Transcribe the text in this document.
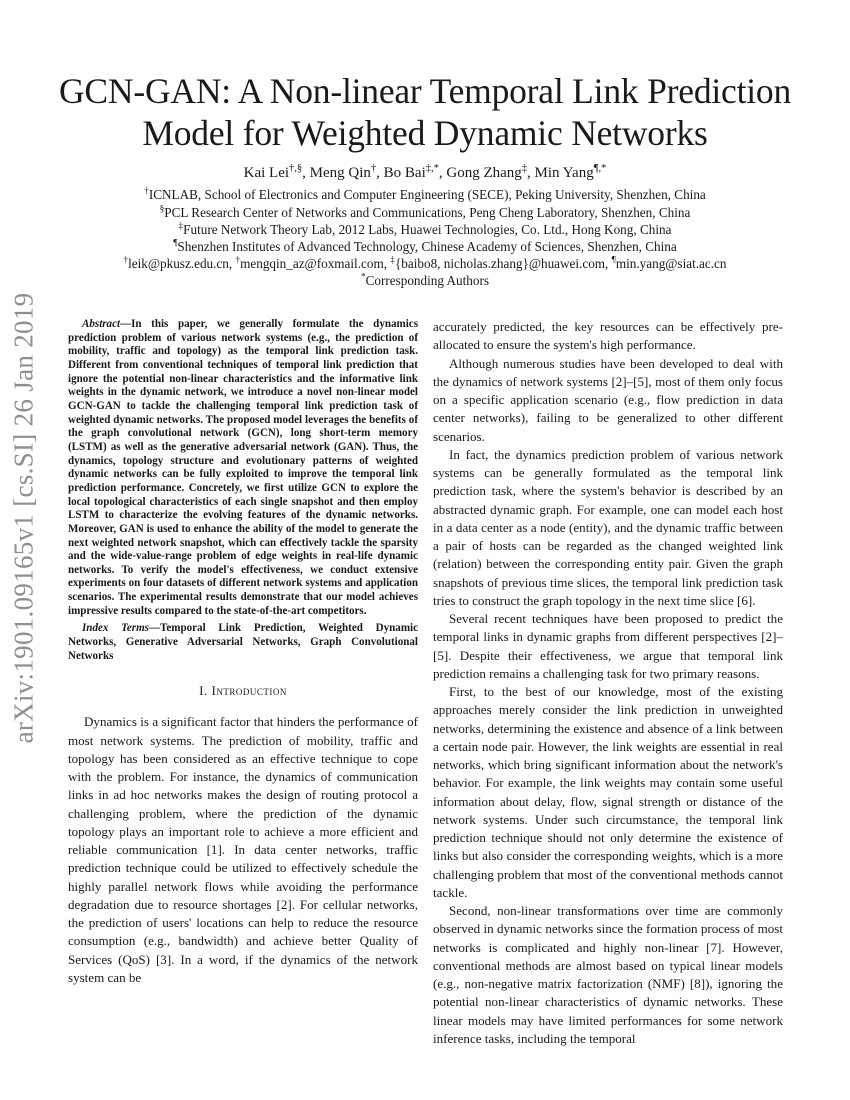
arXiv:1901.09165v1 [cs.SI] 26 Jan 2019
GCN-GAN: A Non-linear Temporal Link Prediction
Model for Weighted Dynamic Networks
Kai Lei†,§, Meng Qin†, Bo Bai‡,*, Gong Zhang‡, Min Yang¶,*
†ICNLAB, School of Electronics and Computer Engineering (SECE), Peking University, Shenzhen, China
§PCL Research Center of Networks and Communications, Peng Cheng Laboratory, Shenzhen, China
‡Future Network Theory Lab, 2012 Labs, Huawei Technologies, Co. Ltd., Hong Kong, China
¶Shenzhen Institutes of Advanced Technology, Chinese Academy of Sciences, Shenzhen, China
†leik@pkusz.edu.cn, †mengqin_az@foxmail.com, ‡{baibo8, nicholas.zhang}@huawei.com, ¶min.yang@siat.ac.cn
*Corresponding Authors

Abstract—In this paper, we generally formulate the dynamics prediction problem of various network systems (e.g., the prediction of mobility, traffic and topology) as the temporal link prediction task. Different from conventional techniques of temporal link prediction that ignore the potential non-linear characteristics and the informative link weights in the dynamic network, we introduce a novel non-linear model GCN-GAN to tackle the challenging temporal link prediction task of weighted dynamic networks. The proposed model leverages the benefits of the graph convolutional network (GCN), long short-term memory (LSTM) as well as the generative adversarial network (GAN). Thus, the dynamics, topology structure and evolutionary patterns of weighted dynamic networks can be fully exploited to improve the temporal link prediction performance. Concretely, we first utilize GCN to explore the local topological characteristics of each single snapshot and then employ LSTM to characterize the evolving features of the dynamic networks. Moreover, GAN is used to enhance the ability of the model to generate the next weighted network snapshot, which can effectively tackle the sparsity and the wide-value-range problem of edge weights in real-life dynamic networks. To verify the model's effectiveness, we conduct extensive experiments on four datasets of different network systems and application scenarios. The experimental results demonstrate that our model achieves impressive results compared to the state-of-the-art competitors.

Index Terms—Temporal Link Prediction, Weighted Dynamic Networks, Generative Adversarial Networks, Graph Convolutional Networks

I. Introduction

Dynamics is a significant factor that hinders the performance of most network systems. The prediction of mobility, traffic and topology has been considered as an effective technique to cope with the problem. For instance, the dynamics of communication links in ad hoc networks makes the design of routing protocol a challenging problem, where the prediction of the dynamic topology plays an important role to achieve a more efficient and reliable communication [1]. In data center networks, traffic prediction technique could be utilized to effectively schedule the highly parallel network flows while avoiding the performance degradation due to resource shortages [2]. For cellular networks, the prediction of users' locations can help to reduce the resource consumption (e.g., bandwidth) and achieve better Quality of Services (QoS) [3]. In a word, if the dynamics of the network system can be

accurately predicted, the key resources can be effectively pre-allocated to ensure the system's high performance.

Although numerous studies have been developed to deal with the dynamics of network systems [2]–[5], most of them only focus on a specific application scenario (e.g., flow prediction in data center networks), failing to be generalized to other different scenarios.

In fact, the dynamics prediction problem of various network systems can be generally formulated as the temporal link prediction task, where the system's behavior is described by an abstracted dynamic graph. For example, one can model each host in a data center as a node (entity), and the dynamic traffic between a pair of hosts can be regarded as the changed weighted link (relation) between the corresponding entity pair. Given the graph snapshots of previous time slices, the temporal link prediction task tries to construct the graph topology in the next time slice [6].

Several recent techniques have been proposed to predict the temporal links in dynamic graphs from different perspectives [2]–[5]. Despite their effectiveness, we argue that temporal link prediction remains a challenging task for two primary reasons.

First, to the best of our knowledge, most of the existing approaches merely consider the link prediction in unweighted networks, determining the existence and absence of a link between a certain node pair. However, the link weights are essential in real networks, which bring significant information about the network's behavior. For example, the link weights may contain some useful information about delay, flow, signal strength or distance of the network systems. Under such circumstance, the temporal link prediction technique should not only determine the existence of links but also consider the corresponding weights, which is a more challenging problem that most of the conventional methods cannot tackle.

Second, non-linear transformations over time are commonly observed in dynamic networks since the formation process of most networks is complicated and highly non-linear [7]. However, conventional methods are almost based on typical linear models (e.g., non-negative matrix factorization (NMF) [8]), ignoring the potential non-linear characteristics of dynamic networks. These linear models may have limited performances for some network inference tasks, including the temporal
